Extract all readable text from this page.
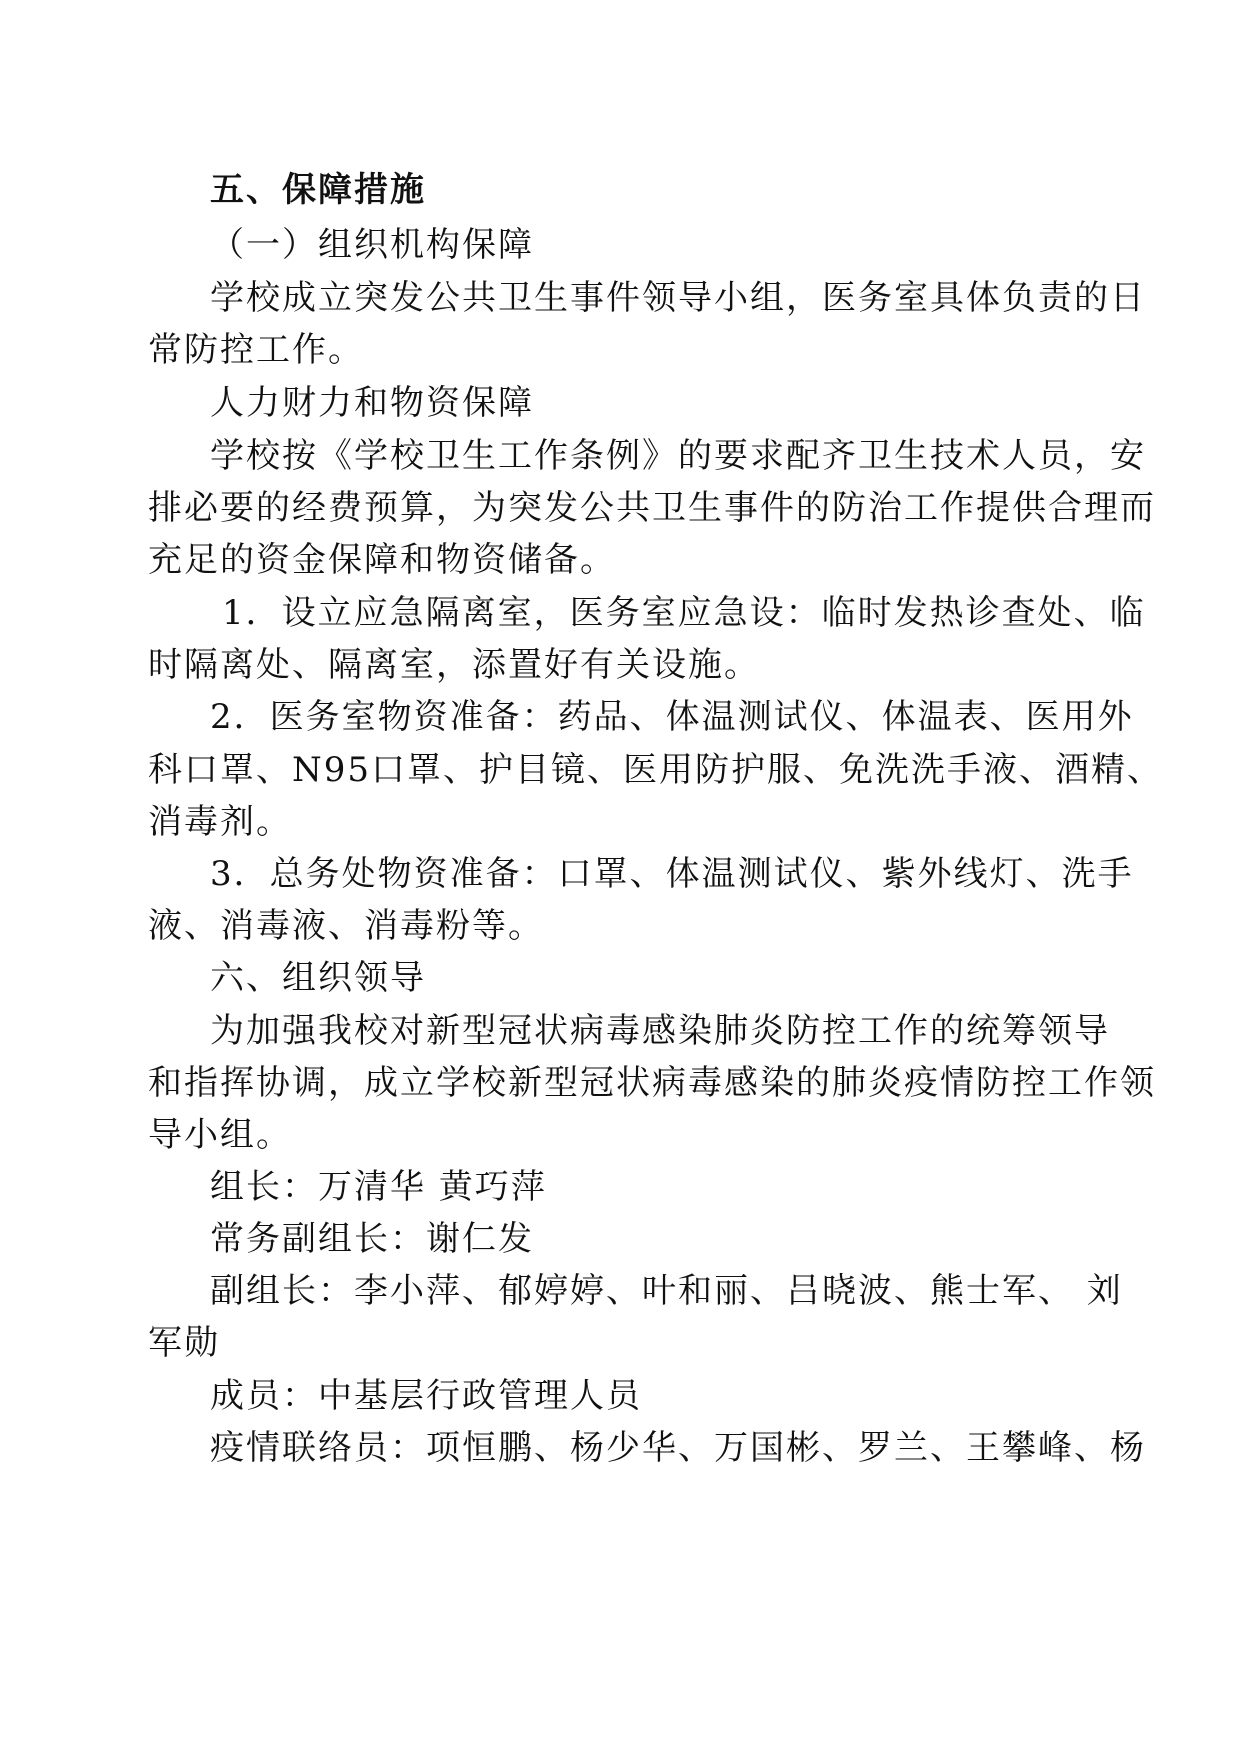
五、保障措施
（一）组织机构保障
学校成立突发公共卫生事件领导小组，医务室具体负责的日
常防控工作。
人力财力和物资保障
学校按《学校卫生工作条例》的要求配齐卫生技术人员，安
排必要的经费预算，为突发公共卫生事件的防治工作提供合理而
充足的资金保障和物资储备。
1．设立应急隔离室，医务室应急设：临时发热诊查处、临
时隔离处、隔离室，添置好有关设施。
2．医务室物资准备：药品、体温测试仪、体温表、医用外
科口罩、N95口罩、护目镜、医用防护服、免洗洗手液、酒精、
消毒剂。
3．总务处物资准备：口罩、体温测试仪、紫外线灯、洗手
液、消毒液、消毒粉等。
六、组织领导
为加强我校对新型冠状病毒感染肺炎防控工作的统筹领导
和指挥协调，成立学校新型冠状病毒感染的肺炎疫情防控工作领
导小组。
组长：万清华 黄巧萍
常务副组长：谢仁发
副组长：李小萍、郁婷婷、叶和丽、吕晓波、熊士军、 刘
军勋
成员：中基层行政管理人员
疫情联络员：项恒鹏、杨少华、万国彬、罗兰、王攀峰、杨
